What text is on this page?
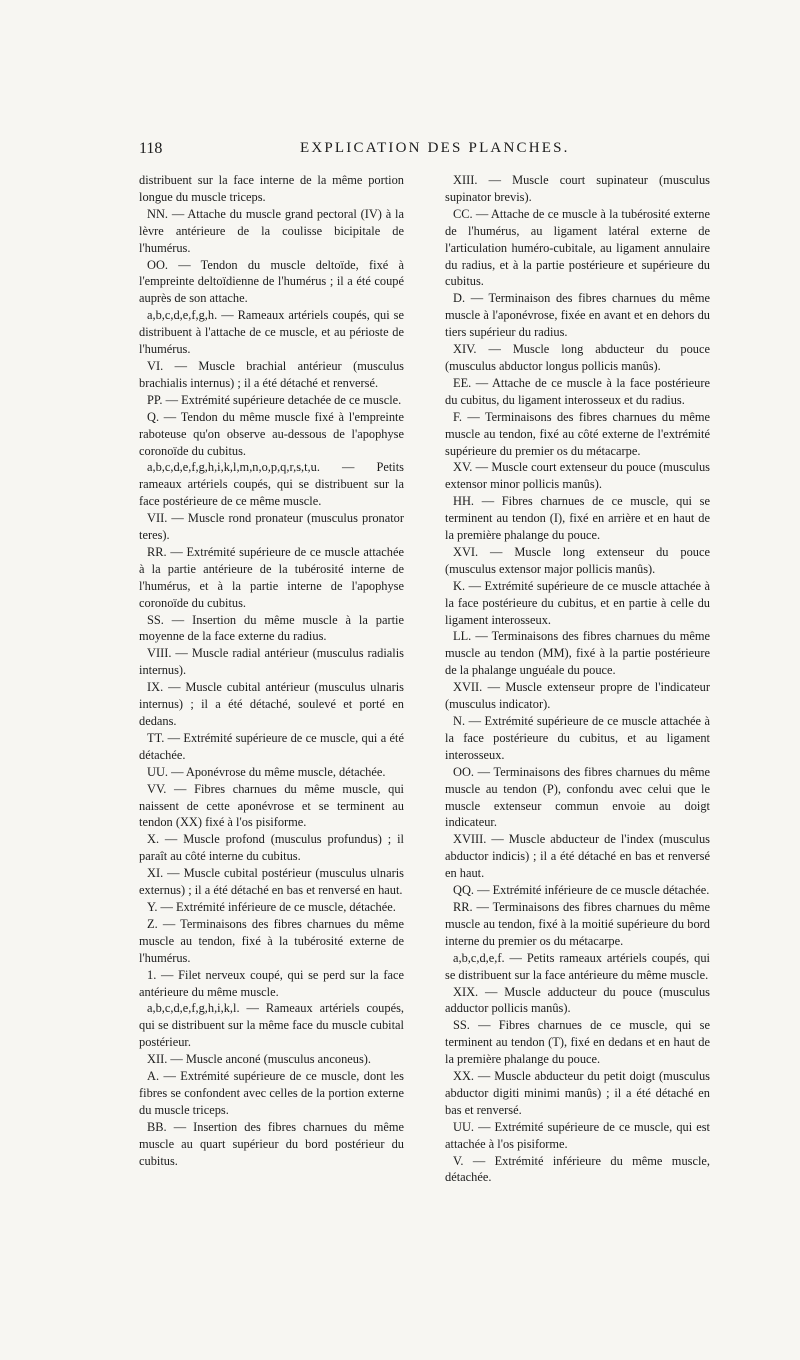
118	EXPLICATION DES PLANCHES.

distribuent sur la face interne de la même portion longue du muscle triceps.

NN. — Attache du muscle grand pectoral (IV) à la lèvre antérieure de la coulisse bicipitale de l'humérus.

OO. — Tendon du muscle deltoïde, fixé à l'empreinte deltoïdienne de l'humérus ; il a été coupé auprès de son attache.

a,b,c,d,e,f,g,h. — Rameaux artériels coupés, qui se distribuent à l'attache de ce muscle, et au périoste de l'humérus.

VI. — Muscle brachial antérieur (musculus brachialis internus) ; il a été détaché et renversé.

PP. — Extrémité supérieure detachée de ce muscle.

Q. — Tendon du même muscle fixé à l'empreinte raboteuse qu'on observe au-dessous de l'apophyse coronoïde du cubitus.

a,b,c,d,e,f,g,h,i,k,l,m,n,o,p,q,r,s,t,u. — Petits rameaux artériels coupés, qui se distribuent sur la face postérieure de ce même muscle.

VII. — Muscle rond pronateur (musculus pronator teres).

RR. — Extrémité supérieure de ce muscle attachée à la partie antérieure de la tubérosité interne de l'humérus, et à la partie interne de l'apophyse coronoïde du cubitus.

SS. — Insertion du même muscle à la partie moyenne de la face externe du radius.

VIII. — Muscle radial antérieur (musculus radialis internus).

IX. — Muscle cubital antérieur (musculus ulnaris internus) ; il a été détaché, soulevé et porté en dedans.

TT. — Extrémité supérieure de ce muscle, qui a été détachée.

UU. — Aponévrose du même muscle, détachée.

VV. — Fibres charnues du même muscle, qui naissent de cette aponévrose et se terminent au tendon (XX) fixé à l'os pisiforme.

X. — Muscle profond (musculus profundus) ; il paraît au côté interne du cubitus.

XI. — Muscle cubital postérieur (musculus ulnaris externus) ; il a été détaché en bas et renversé en haut.

Y. — Extrémité inférieure de ce muscle, détachée.

Z. — Terminaisons des fibres charnues du même muscle au tendon, fixé à la tubérosité externe de l'humérus.

1. — Filet nerveux coupé, qui se perd sur la face antérieure du même muscle.

a,b,c,d,e,f,g,h,i,k,l. — Rameaux artériels coupés, qui se distribuent sur la même face du muscle cubital postérieur.

XII. — Muscle anconé (musculus anconeus).

A. — Extrémité supérieure de ce muscle, dont les fibres se confondent avec celles de la portion externe du muscle triceps.

BB. — Insertion des fibres charnues du même muscle au quart supérieur du bord postérieur du cubitus.

XIII. — Muscle court supinateur (musculus supinator brevis).

CC. — Attache de ce muscle à la tubérosité externe de l'humérus, au ligament latéral externe de l'articulation huméro-cubitale, au ligament annulaire du radius, et à la partie postérieure et supérieure du cubitus.

D. — Terminaison des fibres charnues du même muscle à l'aponévrose, fixée en avant et en dehors du tiers supérieur du radius.

XIV. — Muscle long abducteur du pouce (musculus abductor longus pollicis manûs).

EE. — Attache de ce muscle à la face postérieure du cubitus, du ligament interosseux et du radius.

F. — Terminaisons des fibres charnues du même muscle au tendon, fixé au côté externe de l'extrémité supérieure du premier os du métacarpe.

XV. — Muscle court extenseur du pouce (musculus extensor minor pollicis manûs).

HH. — Fibres charnues de ce muscle, qui se terminent au tendon (I), fixé en arrière et en haut de la première phalange du pouce.

XVI. — Muscle long extenseur du pouce (musculus extensor major pollicis manûs).

K. — Extrémité supérieure de ce muscle attachée à la face postérieure du cubitus, et en partie à celle du ligament interosseux.

LL. — Terminaisons des fibres charnues du même muscle au tendon (MM), fixé à la partie postérieure de la phalange unguéale du pouce.

XVII. — Muscle extenseur propre de l'indicateur (musculus indicator).

N. — Extrémité supérieure de ce muscle attachée à la face postérieure du cubitus, et au ligament interosseux.

OO. — Terminaisons des fibres charnues du même muscle au tendon (P), confondu avec celui que le muscle extenseur commun envoie au doigt indicateur.

XVIII. — Muscle abducteur de l'index (musculus abductor indicis) ; il a été détaché en bas et renversé en haut.

QQ. — Extrémité inférieure de ce muscle détachée.

RR. — Terminaisons des fibres charnues du même muscle au tendon, fixé à la moitié supérieure du bord interne du premier os du métacarpe.

a,b,c,d,e,f. — Petits rameaux artériels coupés, qui se distribuent sur la face antérieure du même muscle.

XIX. — Muscle adducteur du pouce (musculus adductor pollicis manûs).

SS. — Fibres charnues de ce muscle, qui se terminent au tendon (T), fixé en dedans et en haut de la première phalange du pouce.

XX. — Muscle abducteur du petit doigt (musculus abductor digiti minimi manûs) ; il a été détaché en bas et renversé.

UU. — Extrémité supérieure de ce muscle, qui est attachée à l'os pisiforme.

V. — Extrémité inférieure du même muscle, détachée.
